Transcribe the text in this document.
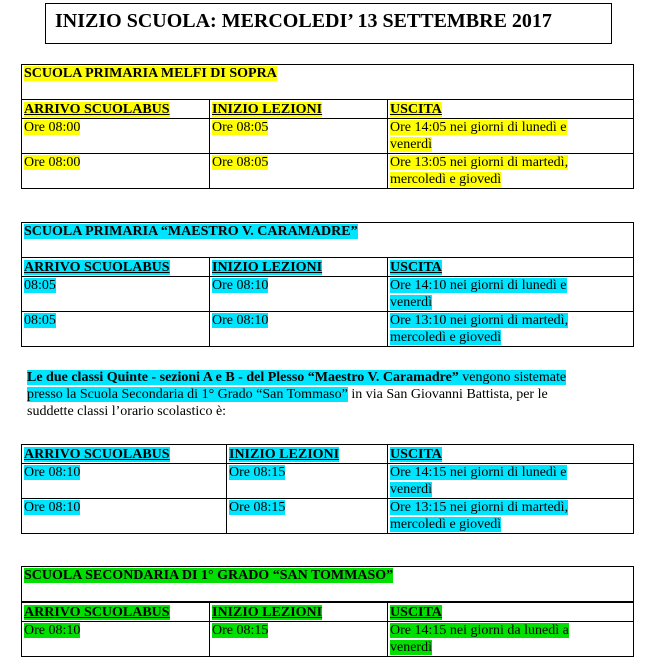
INIZIO SCUOLA: MERCOLEDI’ 13 SETTEMBRE 2017
SCUOLA PRIMARIA MELFI DI SOPRA		
ARRIVO SCUOLABUS	INIZIO LEZIONI	USCITA
Ore 08:00	Ore 08:05	Ore 14:05 nei giorni di lunedì e
venerdì
Ore 08:00	Ore 08:05	Ore 13:05 nei giorni di martedì,
mercoledì e giovedì
SCUOLA PRIMARIA “MAESTRO V. CARAMADRE”		
ARRIVO SCUOLABUS	INIZIO LEZIONI	USCITA
08:05	Ore 08:10	Ore 14:10 nei giorni di lunedì e
venerdì
08:05	Ore 08:10	Ore 13:10 nei giorni di martedì,
mercoledì e giovedì
Le due classi Quinte - sezioni A e B - del Plesso “Maestro V. Caramadre” vengono sistemate
presso la Scuola Secondaria di 1° Grado “San Tommaso” in via San Giovanni Battista, per le
suddette classi l’orario scolastico è:
ARRIVO SCUOLABUS	INIZIO LEZIONI	USCITA
Ore 08:10	Ore 08:15	Ore 14:15 nei giorni di lunedì e
venerdì
Ore 08:10	Ore 08:15	Ore 13:15 nei giorni di martedì,
mercoledì e giovedì
SCUOLA SECONDARIA DI 1° GRADO “SAN TOMMASO”		
ARRIVO SCUOLABUS	INIZIO LEZIONI	USCITA
Ore 08:10	Ore 08:15	Ore 14:15 nei giorni da lunedì a
venerdì
